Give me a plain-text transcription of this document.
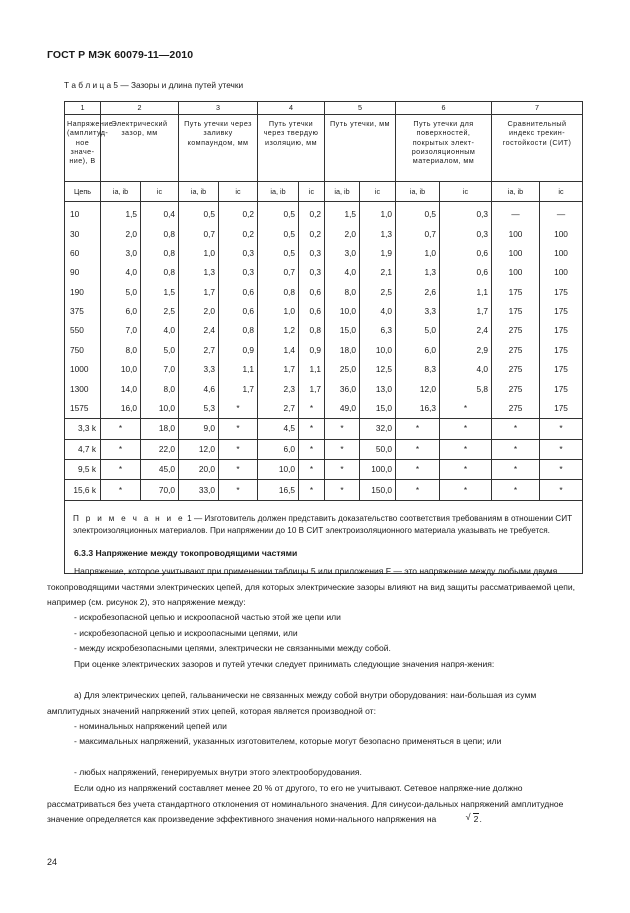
ГОСТ Р МЭК 60079-11—2010
Т а б л и ц а 5 — Зазоры и длина путей утечки
1	2		3		4		5		6		7	
Напряжение (амплитуд-ное значе-ние), В	Электрический зазор, мм		Путь утечки через заливку компаундом, мм		Путь утечки через твердую изоляцию, мм		Путь утечки, мм		Путь утечки для поверхностей, покрытых элект-роизоляционным материалом, мм		Сравнительный индекс трекин-гостойкости (СИТ)	
Цепь	ia, ib	ic	ia, ib	ic	ia, ib	ic	ia, ib	ic	ia, ib	ic	ia, ib	ic
10	1,5	0,4	0,5	0,2	0,5	0,2	1,5	1,0	0,5	0,3	—	—
30	2,0	0,8	0,7	0,2	0,5	0,2	2,0	1,3	0,7	0,3	100	100
60	3,0	0,8	1,0	0,3	0,5	0,3	3,0	1,9	1,0	0,6	100	100
90	4,0	0,8	1,3	0,3	0,7	0,3	4,0	2,1	1,3	0,6	100	100
190	5,0	1,5	1,7	0,6	0,8	0,6	8,0	2,5	2,6	1,1	175	175
375	6,0	2,5	2,0	0,6	1,0	0,6	10,0	4,0	3,3	1,7	175	175
550	7,0	4,0	2,4	0,8	1,2	0,8	15,0	6,3	5,0	2,4	275	175
750	8,0	5,0	2,7	0,9	1,4	0,9	18,0	10,0	6,0	2,9	275	175
1000	10,0	7,0	3,3	1,1	1,7	1,1	25,0	12,5	8,3	4,0	275	175
1300	14,0	8,0	4,6	1,7	2,3	1,7	36,0	13,0	12,0	5,8	275	175
1575	16,0	10,0	5,3	*	2,7	*	49,0	15,0	16,3	*	275	175
3,3 k	*	18,0	9,0	*	4,5	*	*	32,0	*	*	*	*
4,7 k	*	22,0	12,0	*	6,0	*	*	50,0	*	*	*	*
9,5 k	*	45,0	20,0	*	10,0	*	*	100,0	*	*	*	*
15,6 k	*	70,0	33,0	*	16,5	*	*	150,0	*	*	*	*
П р и м е ч а н и е 1 — Изготовитель должен представить доказательство соответствия требованиям в отношении СИТ электроизоляционных материалов. При напряжении до 10 В СИТ электроизоляционного материала указывать не требуется.												
6.3.3 Напряжение между токопроводящими частями
Напряжение, которое учитывают при применении таблицы 5 или приложения F — это напряжение между любыми двумя токопроводящими частями электрических цепей, для которых электрические зазоры влияют на вид защиты рассматриваемой цепи, например (см. рисунок 2), это напряжение между:
- искробезопасной цепью и искроопасной частью этой же цепи или
- искробезопасной цепью и искроопасными цепями, или
- между искробезопасными цепями, электрически не связанными между собой.
При оценке электрических зазоров и путей утечки следует принимать следующие значения напря-жения:
а) Для электрических цепей, гальванически не связанных между собой внутри оборудования: наи-большая из сумм амплитудных значений напряжений этих цепей, которая является производной от:
- номинальных напряжений цепей или
- максимальных напряжений, указанных изготовителем, которые могут безопасно применяться в цепи; или
- любых напряжений, генерируемых внутри этого электрооборудования.
Если одно из напряжений составляет менее 20 % от другого, то его не учитывают. Сетевое напряже-ние должно рассматриваться без учета стандартного отклонения от номинального значения. Для синусои-дальных напряжений амплитудное значение определяется как произведение эффективного значения номи-нального напряжения на	√ 2.
24
